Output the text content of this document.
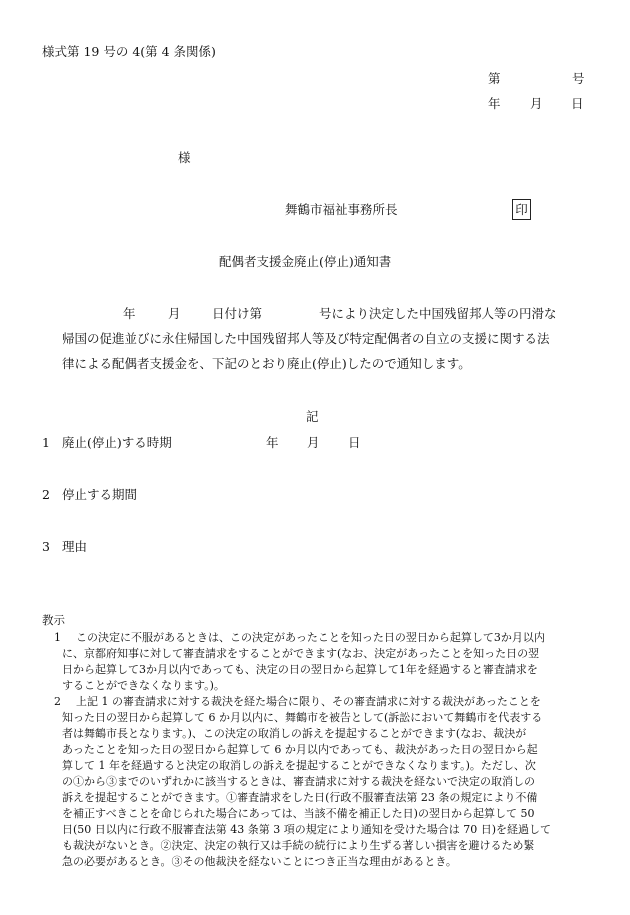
様式第 19 号の 4(第 4 条関係)
第	号
年 月 日
様
舞鶴市福祉事務所長	印
配偶者支援金廃止(停止)通知書
年	月	日付け第	号により決定した中国残留邦人等の円滑な
帰国の促進並びに永住帰国した中国残留邦人等及び特定配偶者の自立の支援に関する法
律による配偶者支援金を、下記のとおり廃止(停止)したので通知します。
記
1 廃止(停止)する時期	年 月 日
2 停止する期間
3 理由
教示
1 この決定に不服があるときは、この決定があったことを知った日の翌日から起算して3か月以内
に、京都府知事に対して審査請求をすることができます(なお、決定があったことを知った日の翌
日から起算して3か月以内であっても、決定の日の翌日から起算して1年を経過すると審査請求を
することができなくなります。)。
2 上記 1 の審査請求に対する裁決を経た場合に限り、その審査請求に対する裁決があったことを
知った日の翌日から起算して 6 か月以内に、舞鶴市を被告として(訴訟において舞鶴市を代表する
者は舞鶴市長となります。)、この決定の取消しの訴えを提起することができます(なお、裁決が
あったことを知った日の翌日から起算して 6 か月以内であっても、裁決があった日の翌日から起
算して 1 年を経過すると決定の取消しの訴えを提起することができなくなります。)。ただし、次
の①から③までのいずれかに該当するときは、審査請求に対する裁決を経ないで決定の取消しの
訴えを提起することができます。①審査請求をした日(行政不服審査法第 23 条の規定により不備
を補正すべきことを命じられた場合にあっては、当該不備を補正した日)の翌日から起算して 50
日(50 日以内に行政不服審査法第 43 条第 3 項の規定により通知を受けた場合は 70 日)を経過して
も裁決がないとき。②決定、決定の執行又は手続の続行により生ずる著しい損害を避けるため緊
急の必要があるとき。③その他裁決を経ないことにつき正当な理由があるとき。
